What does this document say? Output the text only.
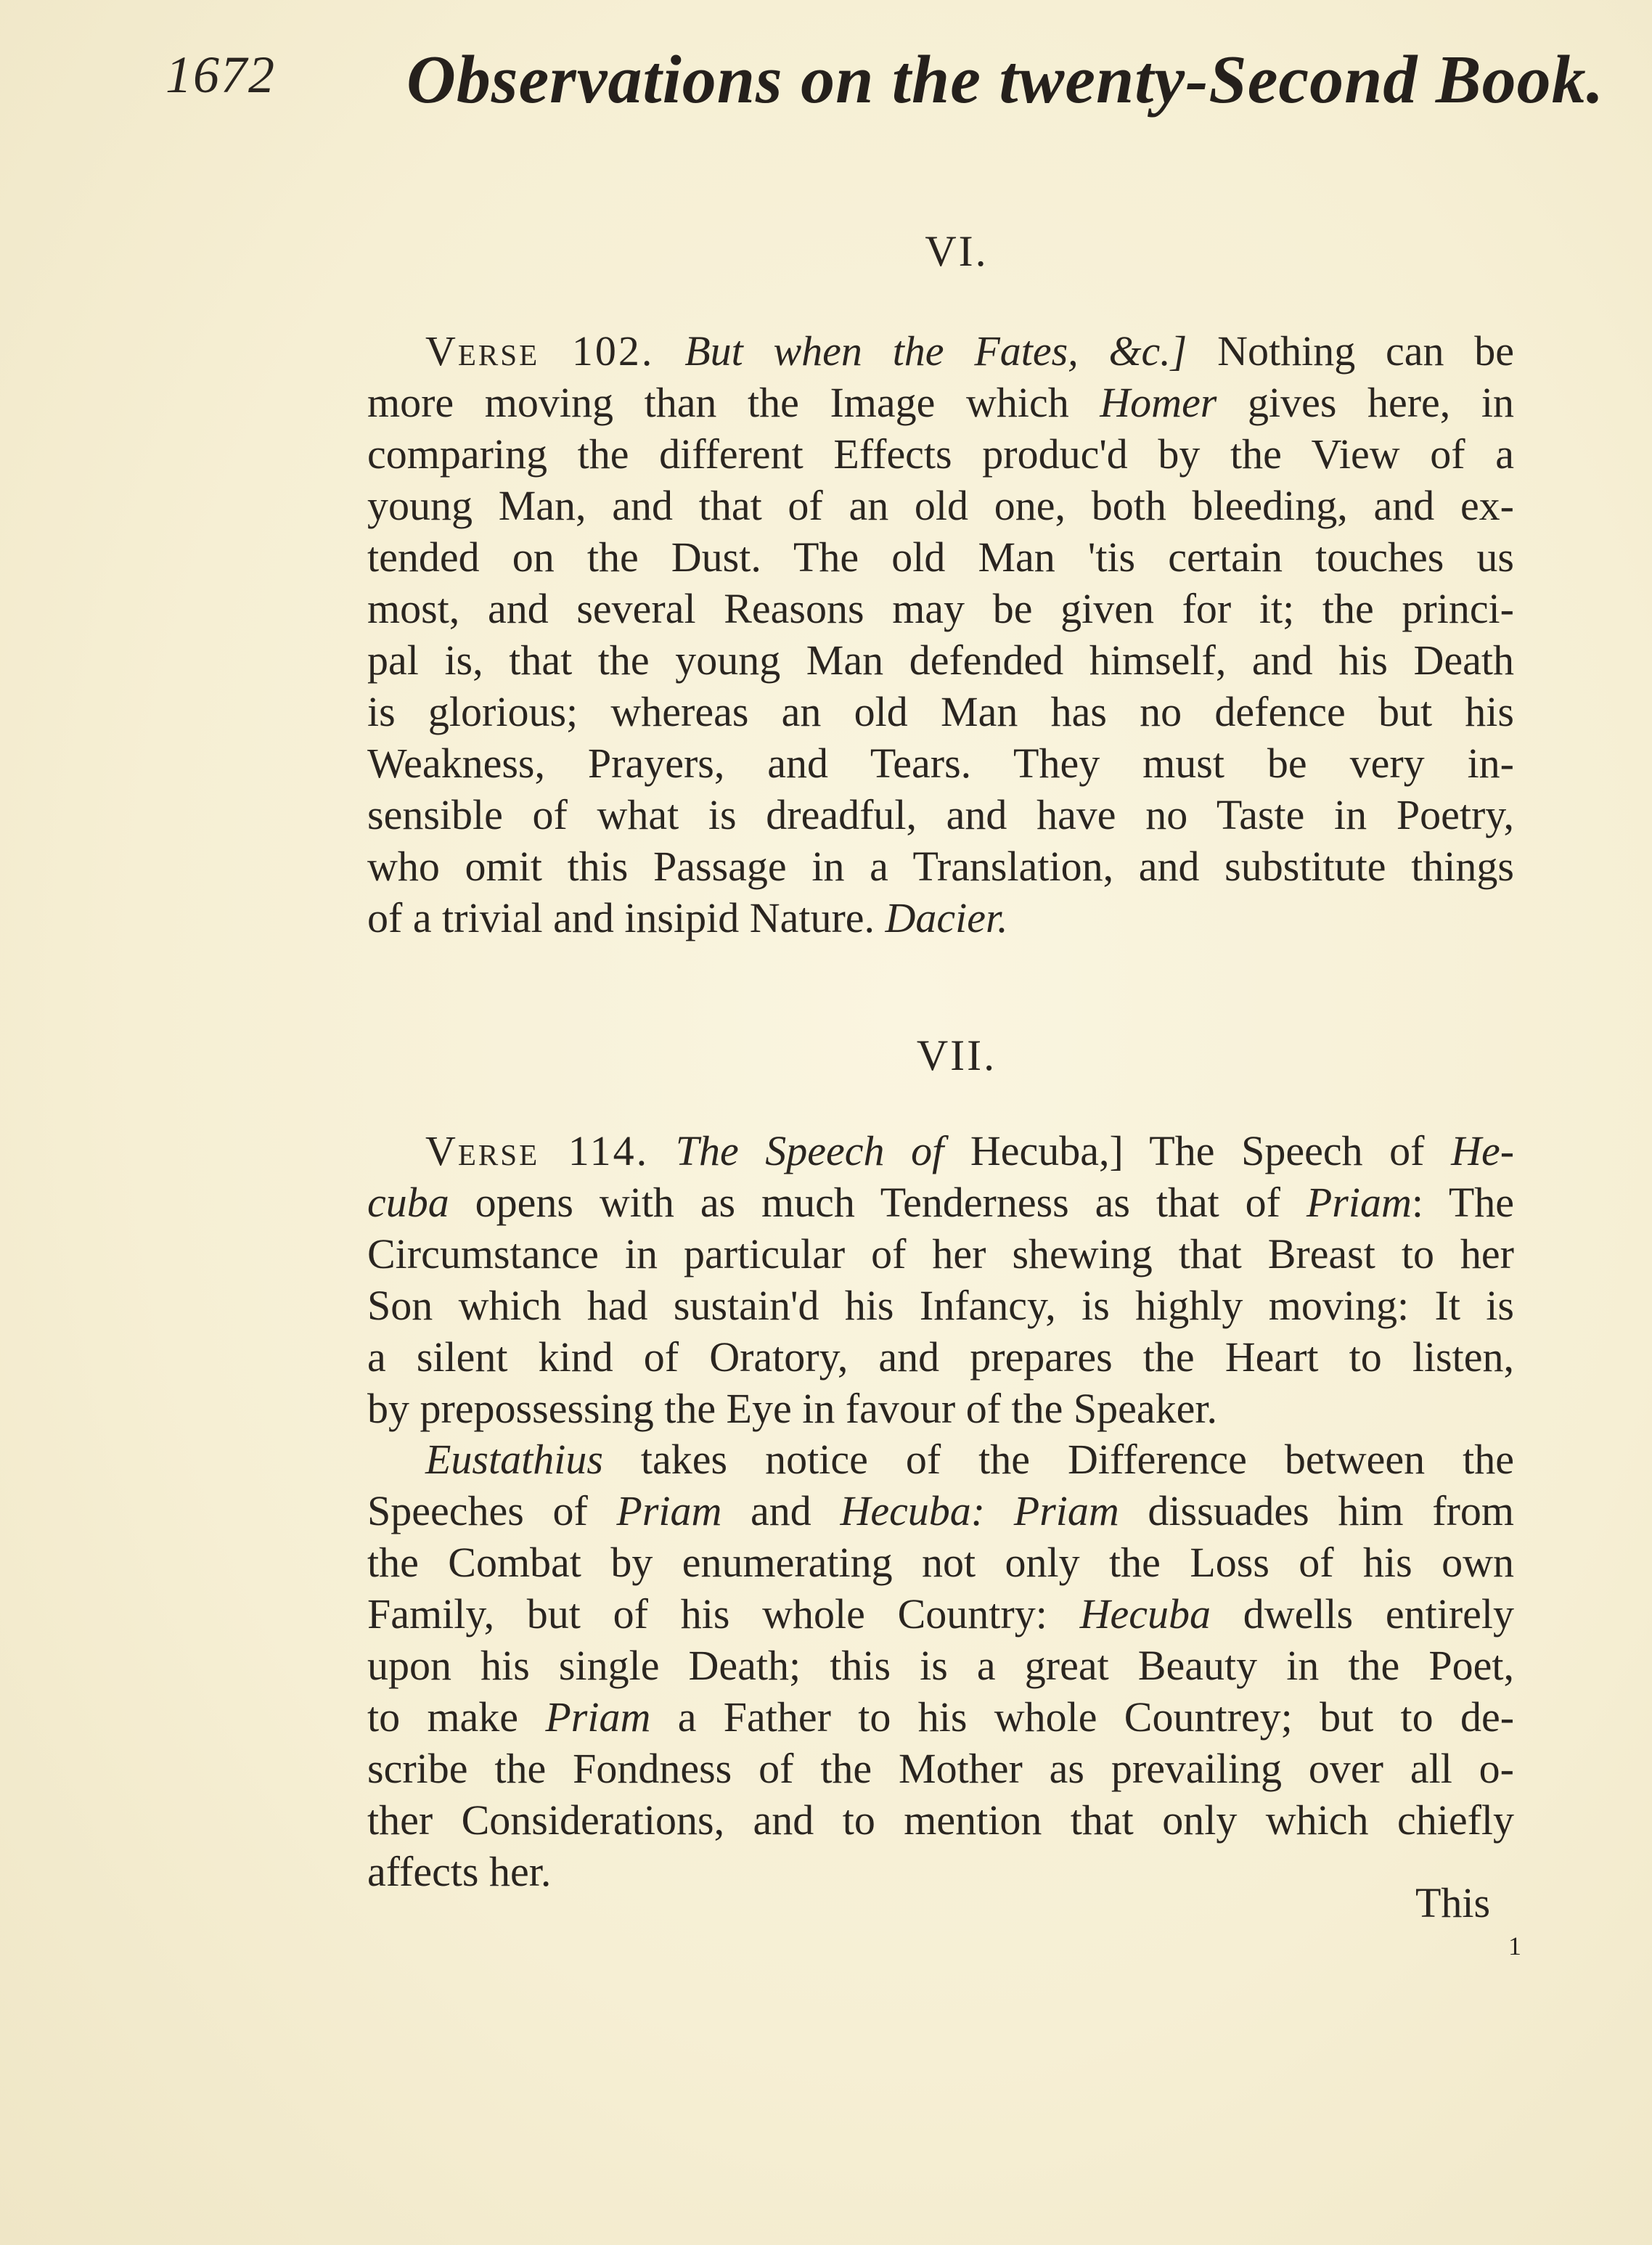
1672 Observations on the twenty-Second Book.
VI.
Verse 102. But when the Fates, &c.] Nothing can be
more moving than the Image which Homer gives here, in
comparing the different Effects produc'd by the View of a
young Man, and that of an old one, both bleeding, and ex-
tended on the Dust. The old Man 'tis certain touches us
most, and several Reasons may be given for it; the princi-
pal is, that the young Man defended himself, and his Death
is glorious; whereas an old Man has no defence but his
Weakness, Prayers, and Tears. They must be very in-
sensible of what is dreadful, and have no Taste in Poetry,
who omit this Passage in a Translation, and substitute things
of a trivial and insipid Nature. Dacier.
VII.
Verse 114. The Speech of Hecuba,] The Speech of He-
cuba opens with as much Tenderness as that of Priam: The
Circumstance in particular of her shewing that Breast to her
Son which had sustain'd his Infancy, is highly moving: It is
a silent kind of Oratory, and prepares the Heart to listen,
by prepossessing the Eye in favour of the Speaker.
Eustathius takes notice of the Difference between the
Speeches of Priam and Hecuba: Priam dissuades him from
the Combat by enumerating not only the Loss of his own
Family, but of his whole Country: Hecuba dwells entirely
upon his single Death; this is a great Beauty in the Poet,
to make Priam a Father to his whole Countrey; but to de-
scribe the Fondness of the Mother as prevailing over all o-
ther Considerations, and to mention that only which chiefly
affects her.
This
1
